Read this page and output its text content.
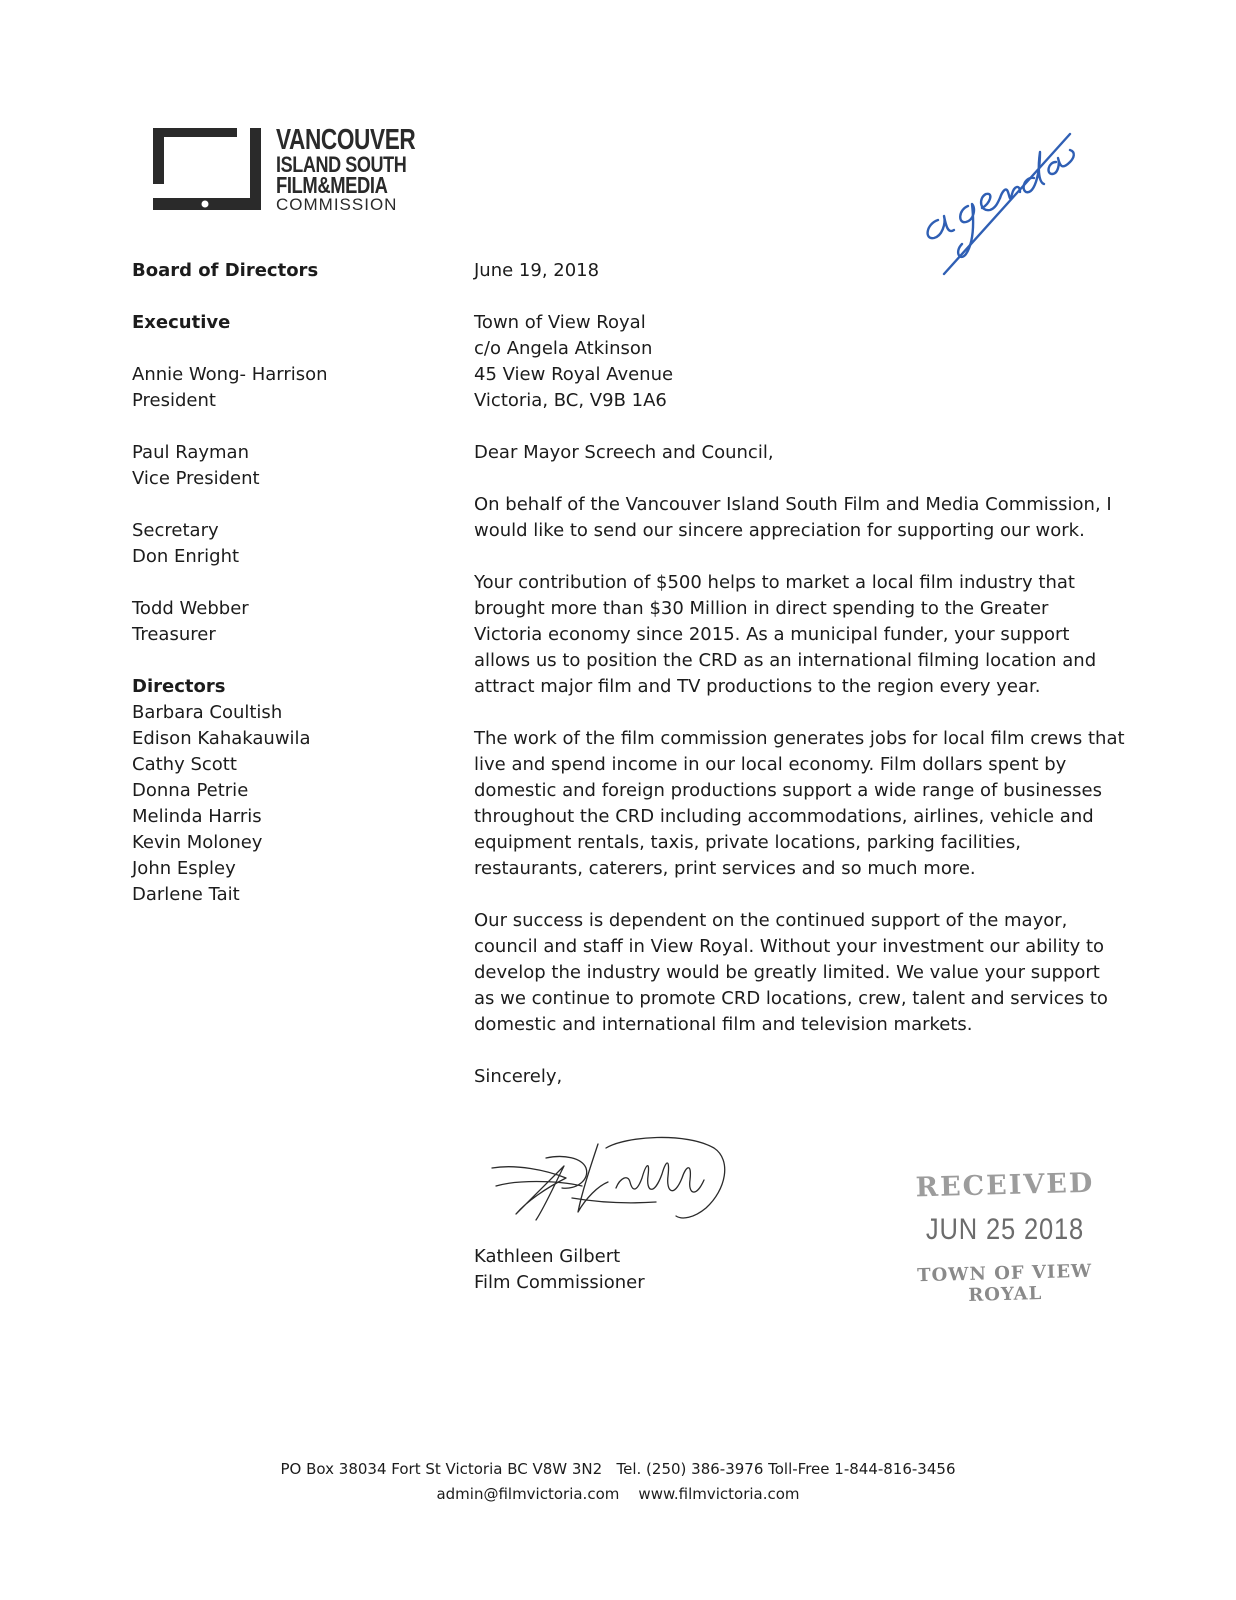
VANCOUVER
ISLAND SOUTH
FILM&MEDIA
COMMISSION
Board of Directors
Executive
Annie Wong- Harrison
President
Paul Rayman
Vice President
Secretary
Don Enright
Todd Webber
Treasurer
Directors
Barbara Coultish
Edison Kahakauwila
Cathy Scott
Donna Petrie
Melinda Harris
Kevin Moloney
John Espley
Darlene Tait
June 19, 2018
Town of View Royal
c/o Angela Atkinson
45 View Royal Avenue
Victoria, BC, V9B 1A6
Dear Mayor Screech and Council,
On behalf of the Vancouver Island South Film and Media Commission, I
would like to send our sincere appreciation for supporting our work.
Your contribution of $500 helps to market a local film industry that
brought more than $30 Million in direct spending to the Greater
Victoria economy since 2015. As a municipal funder, your support
allows us to position the CRD as an international filming location and
attract major film and TV productions to the region every year.
The work of the film commission generates jobs for local film crews that
live and spend income in our local economy. Film dollars spent by
domestic and foreign productions support a wide range of businesses
throughout the CRD including accommodations, airlines, vehicle and
equipment rentals, taxis, private locations, parking facilities,
restaurants, caterers, print services and so much more.
Our success is dependent on the continued support of the mayor,
council and staff in View Royal. Without your investment our ability to
develop the industry would be greatly limited. We value your support
as we continue to promote CRD locations, crew, talent and services to
domestic and international film and television markets.
Sincerely,
Kathleen Gilbert
Film Commissioner
RECEIVED
JUN 25 2018
TOWN OF VIEW ROYAL
PO Box 38034 Fort St Victoria BC V8W 3N2   Tel. (250) 386-3976 Toll-Free 1-844-816-3456
admin@filmvictoria.com    www.filmvictoria.com
